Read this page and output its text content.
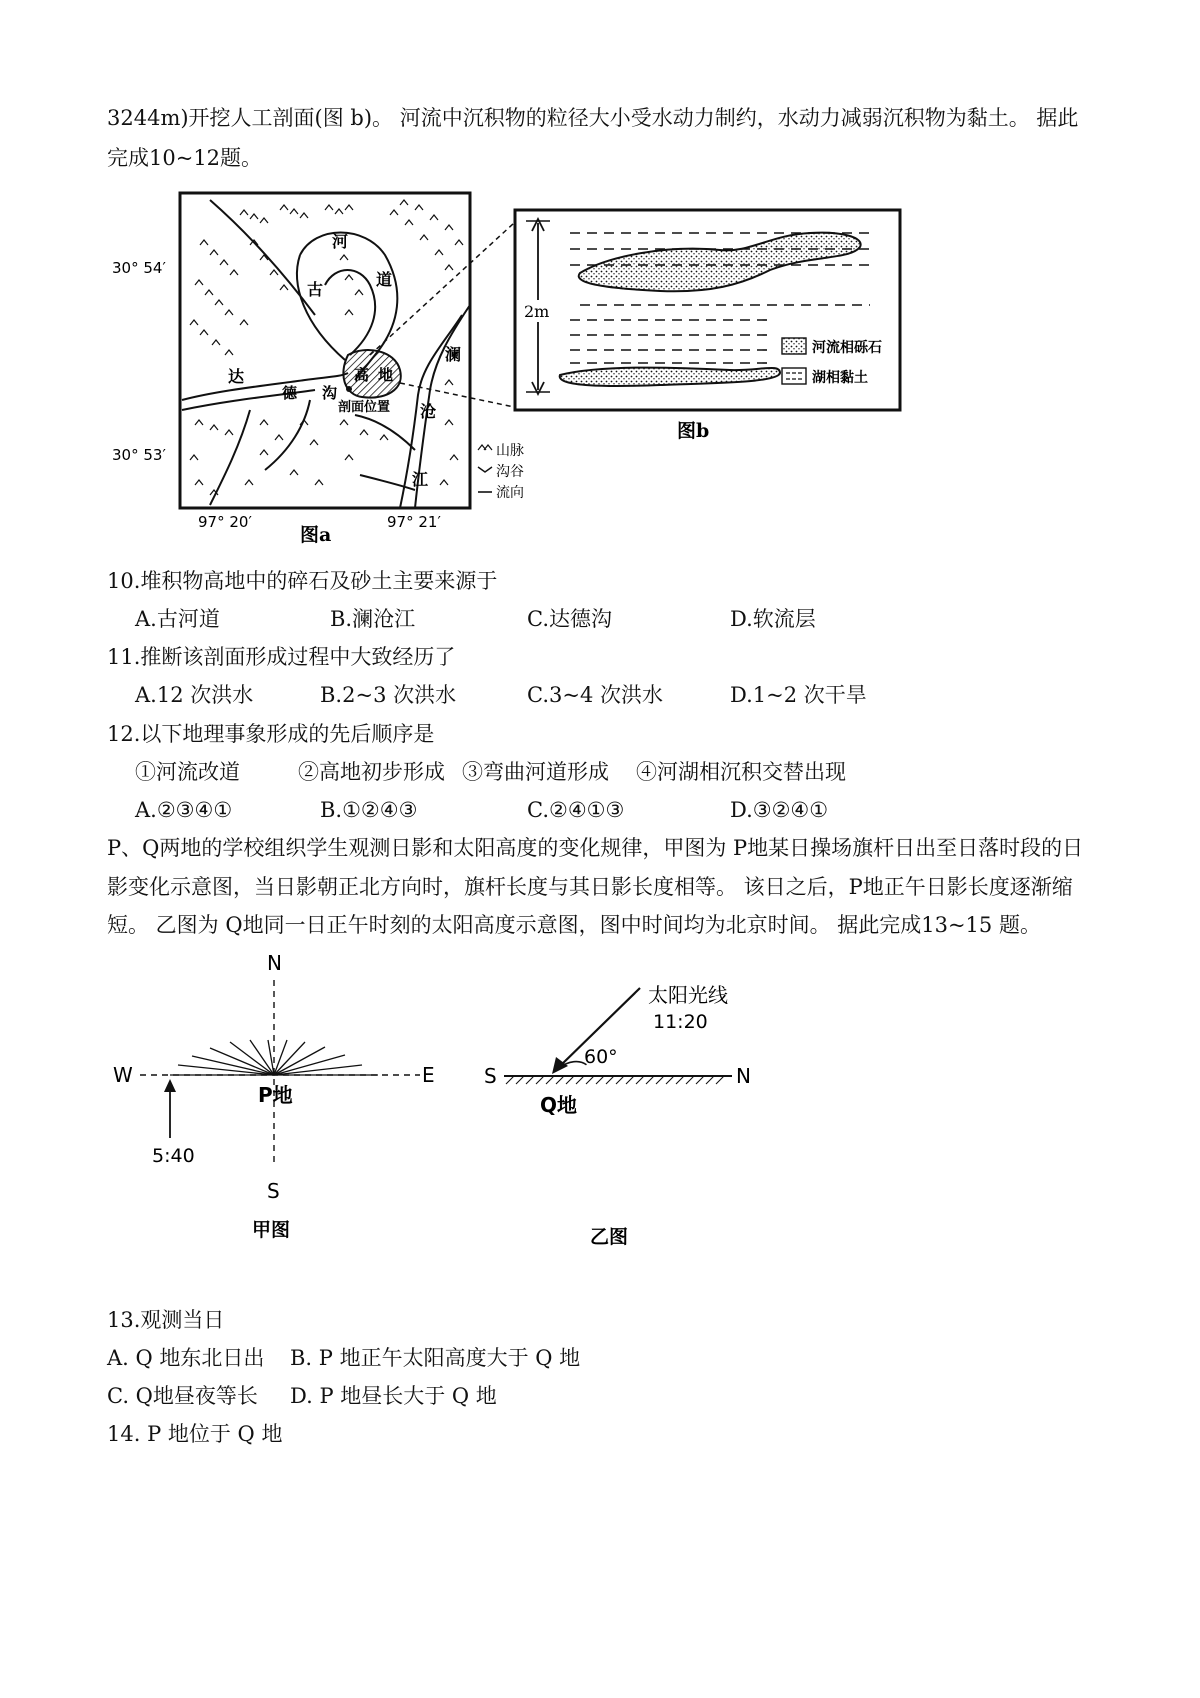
3244m)开挖人工剖面(图 b)。 河流中沉积物的粒径大小受水动力制约，水动力减弱沉积物为黏土。 据此
完成10~12题。
30° 54′
30° 53′
97° 20′	97° 21′
图a
河
道
古
高 地
达
德 沟
剖面位置
澜
沧
江
山脉
沟谷
流向
2m
河流相砾石
湖相黏土
图b
10.堆积物高地中的碎石及砂土主要来源于
A.古河道	B.澜沧江	C.达德沟	D.软流层
11.推断该剖面形成过程中大致经历了
A.12 次洪水	B.2~3 次洪水	C.3~4 次洪水	D.1~2 次干旱
12.以下地理事象形成的先后顺序是
①河流改道	②高地初步形成 ③弯曲河道形成 ④河湖相沉积交替出现
A.②③④①	B.①②④③	C.②④①③	D.③②④①
P、Q两地的学校组织学生观测日影和太阳高度的变化规律，甲图为 P地某日操场旗杆日出至日落时段的日
影变化示意图，当日影朝正北方向时，旗杆长度与其日影长度相等。 该日之后，P地正午日影长度逐渐缩
短。 乙图为 Q地同一日正午时刻的太阳高度示意图，图中时间均为北京时间。 据此完成13~15 题。
N
S
W	E
P地
5:40
甲图
太阳光线
11:20
60°
S	N
Q地
乙图
13.观测当日
A. Q 地东北日出 B. P 地正午太阳高度大于 Q 地
C. Q地昼夜等长 D. P 地昼长大于 Q 地
14. P 地位于 Q 地
